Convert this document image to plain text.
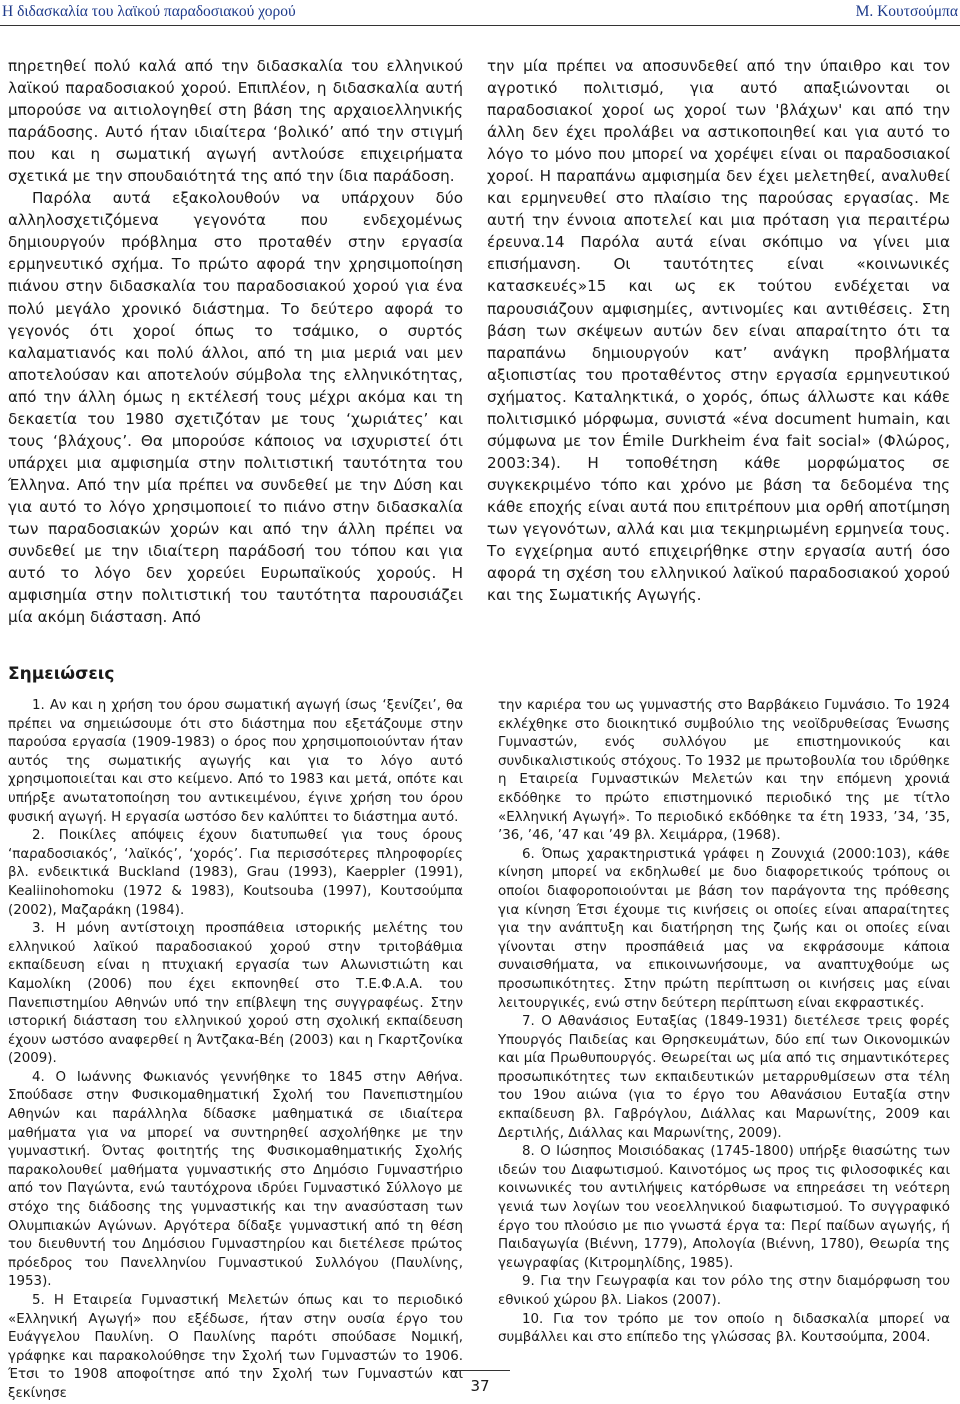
Η διδασκαλία του λαϊκού παραδοσιακού χορού	Μ. Κουτσούμπα

πηρετηθεί πολύ καλά από την διδασκαλία του ελληνικού λαϊκού παραδοσιακού χορού. Επιπλέον, η διδασκαλία αυτή μπορούσε να αιτιολογηθεί στη βάση της αρχαιοελληνικής παράδοσης. Αυτό ήταν ιδιαίτερα ‘βολικό’ από την στιγμή που και η σωματική αγωγή αντλούσε επιχειρήματα σχετικά με την σπουδαιότητά της από την ίδια παράδοση.

Παρόλα αυτά εξακολουθούν να υπάρχουν δύο αλληλοσχετιζόμενα γεγονότα που ενδεχομένως δημιουργούν πρόβλημα στο προταθέν στην εργασία ερμηνευτικό σχήμα. Το πρώτο αφορά την χρησιμοποίηση πιάνου στην διδασκαλία του παραδοσιακού χορού για ένα πολύ μεγάλο χρονικό διάστημα. Το δεύτερο αφορά το γεγονός ότι χοροί όπως το τσάμικο, ο συρτός καλαματιανός και πολύ άλλοι, από τη μια μεριά ναι μεν αποτελούσαν και αποτελούν σύμβολα της ελληνικότητας, από την άλλη όμως η εκτέλεσή τους μέχρι ακόμα και τη δεκαετία του 1980 σχετιζόταν με τους ‘χωριάτες’ και τους ‘βλάχους’. Θα μπορούσε κάποιος να ισχυριστεί ότι υπάρχει μια αμφισημία στην πολιτιστική ταυτότητα του Έλληνα. Από την μία πρέπει να συνδεθεί με την Δύση και για αυτό το λόγο χρησιμοποιεί το πιάνο στην διδασκαλία των παραδοσιακών χορών και από την άλλη πρέπει να συνδεθεί με την ιδιαίτερη παράδοσή του τόπου και για αυτό το λόγο δεν χορεύει Ευρωπαϊκούς χορούς. Η αμφισημία στην πολιτιστική του ταυτότητα παρουσιάζει μία ακόμη διάσταση. Από

την μία πρέπει να αποσυνδεθεί από την ύπαιθρο και τον αγροτικό πολιτισμό, για αυτό απαξιώνονται οι παραδοσιακοί χοροί ως χοροί των 'βλάχων' και από την άλλη δεν έχει προλάβει να αστικοποιηθεί και για αυτό το λόγο το μόνο που μπορεί να χορέψει είναι οι παραδοσιακοί χοροί. Η παραπάνω αμφισημία δεν έχει μελετηθεί, αναλυθεί και ερμηνευθεί στο πλαίσιο της παρούσας εργασίας. Με αυτή την έννοια αποτελεί και μια πρόταση για περαιτέρω έρευνα.14 Παρόλα αυτά είναι σκόπιμο να γίνει μια επισήμανση. Οι ταυτότητες είναι «κοινωνικές κατασκευές»15 και ως εκ τούτου ενδέχεται να παρουσιάζουν αμφισημίες, αντινομίες και αντιθέσεις. Στη βάση των σκέψεων αυτών δεν είναι απαραίτητο ότι τα παραπάνω δημιουργούν κατ’ ανάγκη προβλήματα αξιοπιστίας του προταθέντος στην εργασία ερμηνευτικού σχήματος. Καταληκτικά, ο χορός, όπως άλλωστε και κάθε πολιτισμικό μόρφωμα, συνιστά «ένα document humain, και σύμφωνα με τον Émile Durkheim ένα fait social» (Φλώρος, 2003:34). Η τοποθέτηση κάθε μορφώματος σε συγκεκριμένο τόπο και χρόνο με βάση τα δεδομένα της κάθε εποχής είναι αυτά που επιτρέπουν μια ορθή αποτίμηση των γεγονότων, αλλά και μια τεκμηριωμένη ερμηνεία τους. Το εγχείρημα αυτό επιχειρήθηκε στην εργασία αυτή όσο αφορά τη σχέση του ελληνικού λαϊκού παραδοσιακού χορού και της Σωματικής Αγωγής.

Σημειώσεις

1. Αν και η χρήση του όρου σωματική αγωγή ίσως ‘ξενίζει’, θα πρέπει να σημειώσουμε ότι στο διάστημα που εξετάζουμε στην παρούσα εργασία (1909-1983) ο όρος που χρησιμοποιούνταν ήταν αυτός της σωματικής αγωγής και για το λόγο αυτό χρησιμοποιείται και στο κείμενο. Από το 1983 και μετά, οπότε και υπήρξε ανωτατοποίηση του αντικειμένου, έγινε χρήση του όρου φυσική αγωγή. Η εργασία ωστόσο δεν καλύπτει το διάστημα αυτό.

2. Ποικίλες απόψεις έχουν διατυπωθεί για τους όρους ‘παραδοσιακός’, ‘λαϊκός’, ‘χορός’. Για περισσότερες πληροφορίες βλ. ενδεικτικά Buckland (1983), Grau (1993), Kaeppler (1991), Kealiinohomoku (1972 & 1983), Koutsouba (1997), Κουτσούμπα (2002), Μαζαράκη (1984).

3. Η μόνη αντίστοιχη προσπάθεια ιστορικής μελέτης του ελληνικού λαϊκού παραδοσιακού χορού στην τριτοβάθμια εκπαίδευση είναι η πτυχιακή εργασία των Αλωνιστιώτη και Καμολίκη (2006) που έχει εκπονηθεί στο Τ.Ε.Φ.Α.Α. του Πανεπιστημίου Αθηνών υπό την επίβλεψη της συγγραφέως. Στην ιστορική διάσταση του ελληνικού χορού στη σχολική εκπαίδευση έχουν ωστόσο αναφερθεί η Άντζακα-Βέη (2003) και η Γκαρτζονίκα (2009).

4. Ο Ιωάννης Φωκιανός γεννήθηκε το 1845 στην Αθήνα. Σπούδασε στην Φυσικομαθηματική Σχολή του Πανεπιστημίου Αθηνών και παράλληλα δίδασκε μαθηματικά σε ιδιαίτερα μαθήματα για να μπορεί να συντηρηθεί ασχολήθηκε με την γυμναστική. Όντας φοιτητής της Φυσικομαθηματικής Σχολής παρακολουθεί μαθήματα γυμναστικής στο Δημόσιο Γυμναστήριο από τον Παγώντα, ενώ ταυτόχρονα ιδρύει Γυμναστικό Σύλλογο με στόχο της διάδοσης της γυμναστικής και την ανασύσταση των Ολυμπιακών Αγώνων. Αργότερα δίδαξε γυμναστική από τη θέση του διευθυντή του Δημόσιου Γυμναστηρίου και διετέλεσε πρώτος πρόεδρος του Πανελληνίου Γυμναστικού Συλλόγου (Παυλίνης, 1953).

5. Η Εταιρεία Γυμναστική Μελετών όπως και το περιοδικό «Ελληνική Αγωγή» που εξέδωσε, ήταν στην ουσία έργο του Ευάγγελου Παυλίνη. Ο Παυλίνης παρότι σπούδασε Νομική, γράφηκε και παρακολούθησε την Σχολή των Γυμναστών το 1906. Έτσι το 1908 αποφοίτησε από την Σχολή των Γυμναστών και ξεκίνησε

την καριέρα του ως γυμναστής στο Βαρβάκειο Γυμνάσιο. Το 1924 εκλέχθηκε στο διοικητικό συμβούλιο της νεοϊδρυθείσας Ένωσης Γυμναστών, ενός συλλόγου με επιστημονικούς και συνδικαλιστικούς στόχους. Το 1932 με πρωτοβουλία του ιδρύθηκε η Εταιρεία Γυμναστικών Μελετών και την επόμενη χρονιά εκδόθηκε το πρώτο επιστημονικό περιοδικό της με τίτλο «Ελληνική Αγωγή». Το περιοδικό εκδόθηκε τα έτη 1933, ’34, ’35, ’36, ’46, ’47 και ’49 βλ. Χειμάρρα, (1968).

6. Όπως χαρακτηριστικά γράφει η Ζουνχιά (2000:103), κάθε κίνηση μπορεί να εκδηλωθεί με δυο διαφορετικούς τρόπους οι οποίοι διαφοροποιούνται με βάση τον παράγοντα της πρόθεσης για κίνηση Έτσι έχουμε τις κινήσεις οι οποίες είναι απαραίτητες για την ανάπτυξη και διατήρηση της ζωής και οι οποίες είναι γίνονται στην προσπάθειά μας να εκφράσουμε κάποια συναισθήματα, να επικοινωνήσουμε, να αναπτυχθούμε ως προσωπικότητες. Στην πρώτη περίπτωση οι κινήσεις μας είναι λειτουργικές, ενώ στην δεύτερη περίπτωση είναι εκφραστικές.

7. Ο Αθανάσιος Ευταξίας (1849-1931) διετέλεσε τρεις φορές Υπουργός Παιδείας και Θρησκευμάτων, δύο επί των Οικονομικών και μία Πρωθυπουργός. Θεωρείται ως μία από τις σημαντικότερες προσωπικότητες των εκπαιδευτικών μεταρρυθμίσεων στα τέλη του 19ου αιώνα (για το έργο του Αθανάσιου Ευταξία στην εκπαίδευση βλ. Γαβρόγλου, Διάλλας και Μαρωνίτης, 2009 και Δερτιλής, Διάλλας και Μαρωνίτης, 2009).

8. Ο Ιώσηπος Μοισιόδακας (1745-1800) υπήρξε θιασώτης των ιδεών του Διαφωτισμού. Καινοτόμος ως προς τις φιλοσοφικές και κοινωνικές του αντιλήψεις κατόρθωσε να επηρεάσει τη νεότερη γενιά των λογίων του νεοελληνικού διαφωτισμού. Το συγγραφικό έργο του πλούσιο με πιο γνωστά έργα τα: Περί παίδων αγωγής, ή Παιδαγωγία (Βιέννη, 1779), Απολογία (Βιέννη, 1780), Θεωρία της γεωγραφίας (Κιτρομηλίδης, 1985).

9. Για την Γεωγραφία και τον ρόλο της στην διαμόρφωση του εθνικού χώρου βλ. Liakos (2007).

10. Για τον τρόπο με τον οποίο η διδασκαλία μπορεί να συμβάλλει και στο επίπεδο της γλώσσας βλ. Κουτσούμπα, 2004.

37
